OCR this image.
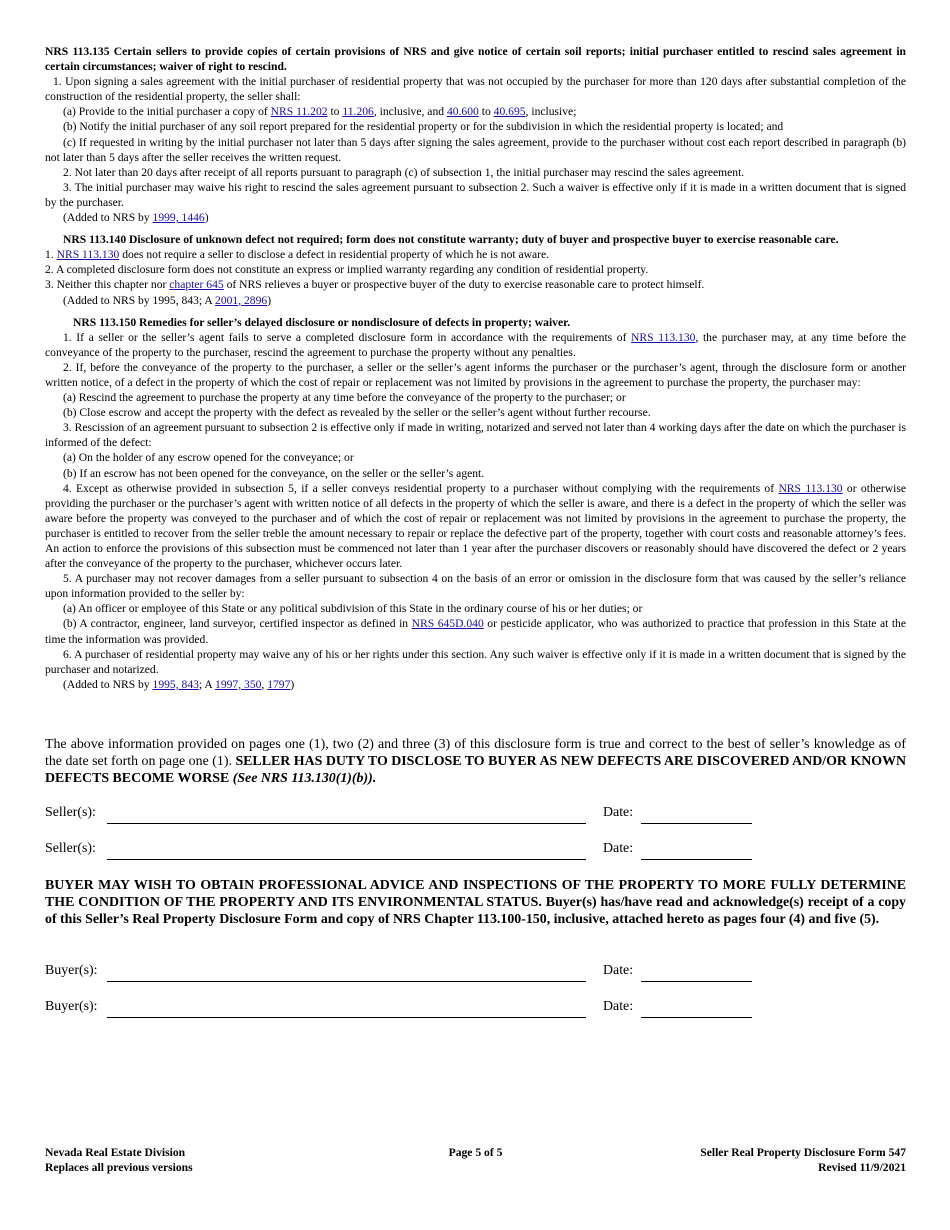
NRS 113.135 Certain sellers to provide copies of certain provisions of NRS and give notice of certain soil reports; initial purchaser entitled to rescind sales agreement in certain circumstances; waiver of right to rescind.

1. Upon signing a sales agreement with the initial purchaser of residential property that was not occupied by the purchaser for more than 120 days after substantial completion of the construction of the residential property, the seller shall:

(a) Provide to the initial purchaser a copy of NRS 11.202 to 11.206, inclusive, and 40.600 to 40.695, inclusive;

(b) Notify the initial purchaser of any soil report prepared for the residential property or for the subdivision in which the residential property is located; and

(c) If requested in writing by the initial purchaser not later than 5 days after signing the sales agreement, provide to the purchaser without cost each report described in paragraph (b) not later than 5 days after the seller receives the written request.

2. Not later than 20 days after receipt of all reports pursuant to paragraph (c) of subsection 1, the initial purchaser may rescind the sales agreement.

3. The initial purchaser may waive his right to rescind the sales agreement pursuant to subsection 2. Such a waiver is effective only if it is made in a written document that is signed by the purchaser.

(Added to NRS by 1999, 1446)

NRS 113.140 Disclosure of unknown defect not required; form does not constitute warranty; duty of buyer and prospective buyer to exercise reasonable care.

1. NRS 113.130 does not require a seller to disclose a defect in residential property of which he is not aware.

2. A completed disclosure form does not constitute an express or implied warranty regarding any condition of residential property.

3. Neither this chapter nor chapter 645 of NRS relieves a buyer or prospective buyer of the duty to exercise reasonable care to protect himself.

(Added to NRS by 1995, 843; A 2001, 2896)

NRS 113.150 Remedies for seller’s delayed disclosure or nondisclosure of defects in property; waiver.

1. If a seller or the seller’s agent fails to serve a completed disclosure form in accordance with the requirements of NRS 113.130, the purchaser may, at any time before the conveyance of the property to the purchaser, rescind the agreement to purchase the property without any penalties.

2. If, before the conveyance of the property to the purchaser, a seller or the seller’s agent informs the purchaser or the purchaser’s agent, through the disclosure form or another written notice, of a defect in the property of which the cost of repair or replacement was not limited by provisions in the agreement to purchase the property, the purchaser may:

(a) Rescind the agreement to purchase the property at any time before the conveyance of the property to the purchaser; or

(b) Close escrow and accept the property with the defect as revealed by the seller or the seller’s agent without further recourse.

3. Rescission of an agreement pursuant to subsection 2 is effective only if made in writing, notarized and served not later than 4 working days after the date on which the purchaser is informed of the defect:

(a) On the holder of any escrow opened for the conveyance; or

(b) If an escrow has not been opened for the conveyance, on the seller or the seller’s agent.

4. Except as otherwise provided in subsection 5, if a seller conveys residential property to a purchaser without complying with the requirements of NRS 113.130 or otherwise providing the purchaser or the purchaser’s agent with written notice of all defects in the property of which the seller is aware, and there is a defect in the property of which the seller was aware before the property was conveyed to the purchaser and of which the cost of repair or replacement was not limited by provisions in the agreement to purchase the property, the purchaser is entitled to recover from the seller treble the amount necessary to repair or replace the defective part of the property, together with court costs and reasonable attorney’s fees. An action to enforce the provisions of this subsection must be commenced not later than 1 year after the purchaser discovers or reasonably should have discovered the defect or 2 years after the conveyance of the property to the purchaser, whichever occurs later.

5. A purchaser may not recover damages from a seller pursuant to subsection 4 on the basis of an error or omission in the disclosure form that was caused by the seller’s reliance upon information provided to the seller by:

(a) An officer or employee of this State or any political subdivision of this State in the ordinary course of his or her duties; or

(b) A contractor, engineer, land surveyor, certified inspector as defined in NRS 645D.040 or pesticide applicator, who was authorized to practice that profession in this State at the time the information was provided.

6. A purchaser of residential property may waive any of his or her rights under this section. Any such waiver is effective only if it is made in a written document that is signed by the purchaser and notarized.

(Added to NRS by 1995, 843; A 1997, 350, 1797)

The above information provided on pages one (1), two (2) and three (3) of this disclosure form is true and correct to the best of seller’s knowledge as of the date set forth on page one (1). SELLER HAS DUTY TO DISCLOSE TO BUYER AS NEW DEFECTS ARE DISCOVERED AND/OR KNOWN DEFECTS BECOME WORSE (See NRS 113.130(1)(b)).

Seller(s):	Date:
Seller(s):	Date:

BUYER MAY WISH TO OBTAIN PROFESSIONAL ADVICE AND INSPECTIONS OF THE PROPERTY TO MORE FULLY DETERMINE THE CONDITION OF THE PROPERTY AND ITS ENVIRONMENTAL STATUS. Buyer(s) has/have read and acknowledge(s) receipt of a copy of this Seller’s Real Property Disclosure Form and copy of NRS Chapter 113.100-150, inclusive, attached hereto as pages four (4) and five (5).

Buyer(s):	Date:
Buyer(s):	Date:
Page 5 of 5
Nevada Real Estate Division
Replaces all previous versions
Seller Real Property Disclosure Form 547
Revised 11/9/2021
